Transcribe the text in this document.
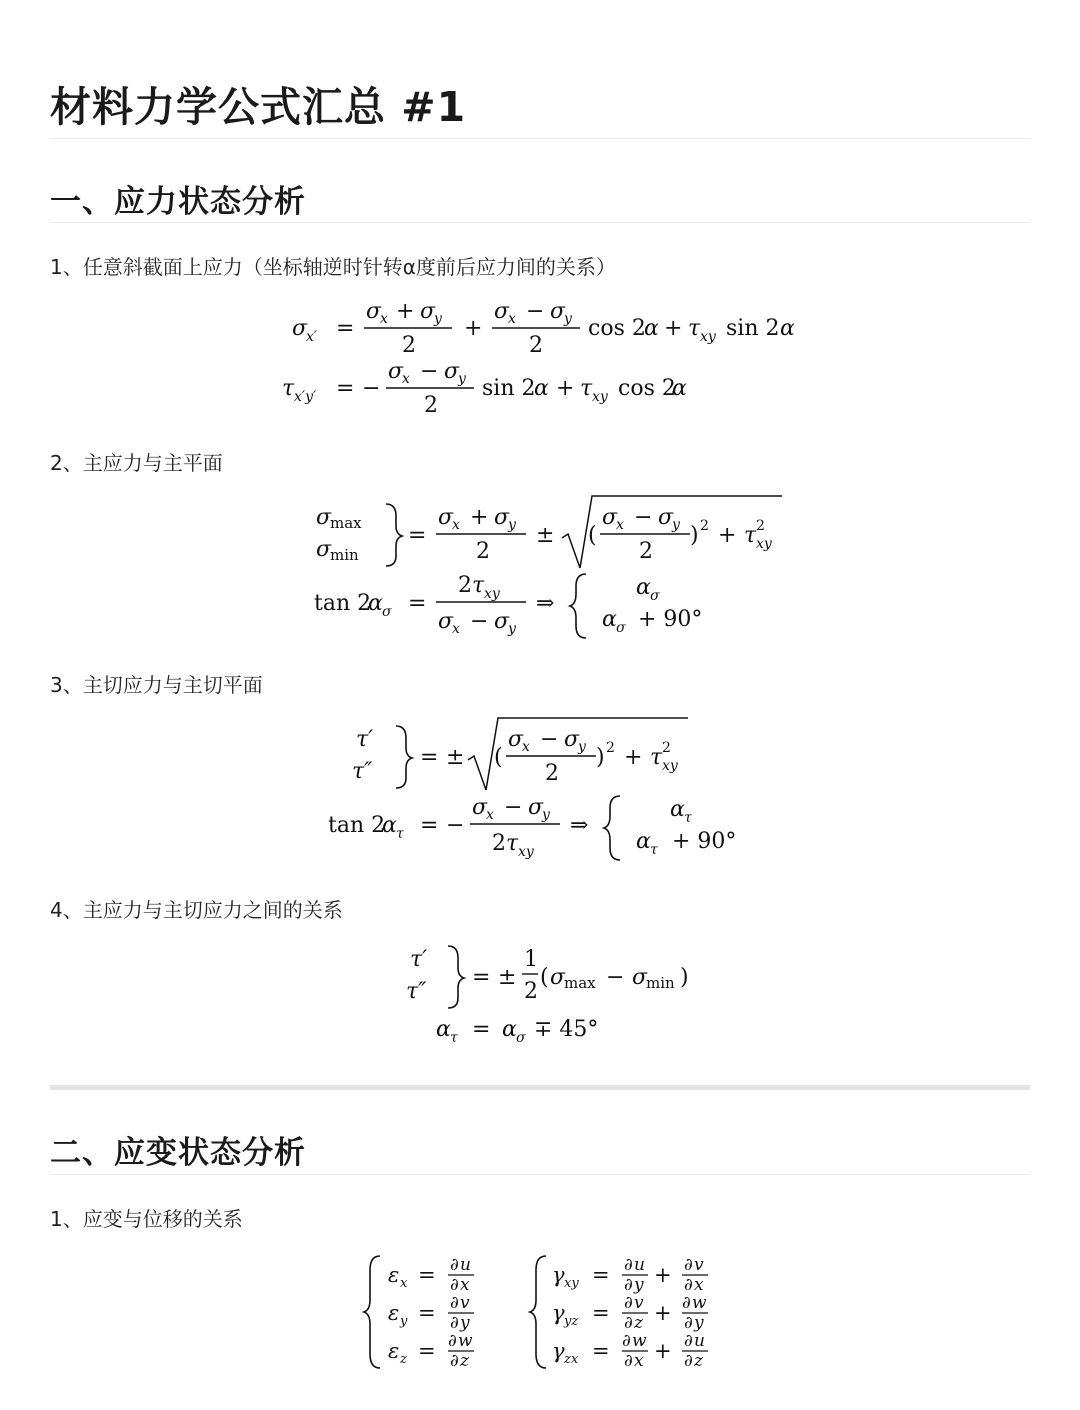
材料力学公式汇总 #1
一、应力状态分析
1、任意斜截面上应力（坐标轴逆时针转α度前后应力间的关系）
σ
x′ =
σ
x + σ
y
2
+
σ
x − σ
y
2
cos 2
α + τ xy sin 2 α
τ x′y′ = −
σ
x − σ
y
2
sin 2
α + τ xy cos 2
α
2、主应力与主平面
σ
max
σ
min
=
σ
x + σ
y
2
± (
σ
x − σ
y
2
) 2 + τ 2
xy
tan 2
α σ =
2 τ xy
σ
x − σ
y
⇒
α σ
α σ + 90°
3、主切应力与主切平面
τ′
τ″
= ± (
σ
x − σ
y
2
) 2 + τ 2
xy
tan 2
α τ = −
σ
x − σ
y
2 τ xy
⇒
α τ
α τ + 90°
4、主应力与主切应力之间的关系
τ′
τ″
= ±
1
2
( σ
max − σ
min )
α τ = α σ ∓ 45°
二、应变状态分析
1、应变与位移的关系
ε x = ∂ u
∂ x
ε y = ∂ v
∂ y
ε z = ∂ w
∂ z
γ xy = ∂ u
∂ y + ∂ v
∂ x
γ yz = ∂ v
∂ z + ∂ w
∂ y
γ zx = ∂ w
∂ x + ∂ u
∂ z
